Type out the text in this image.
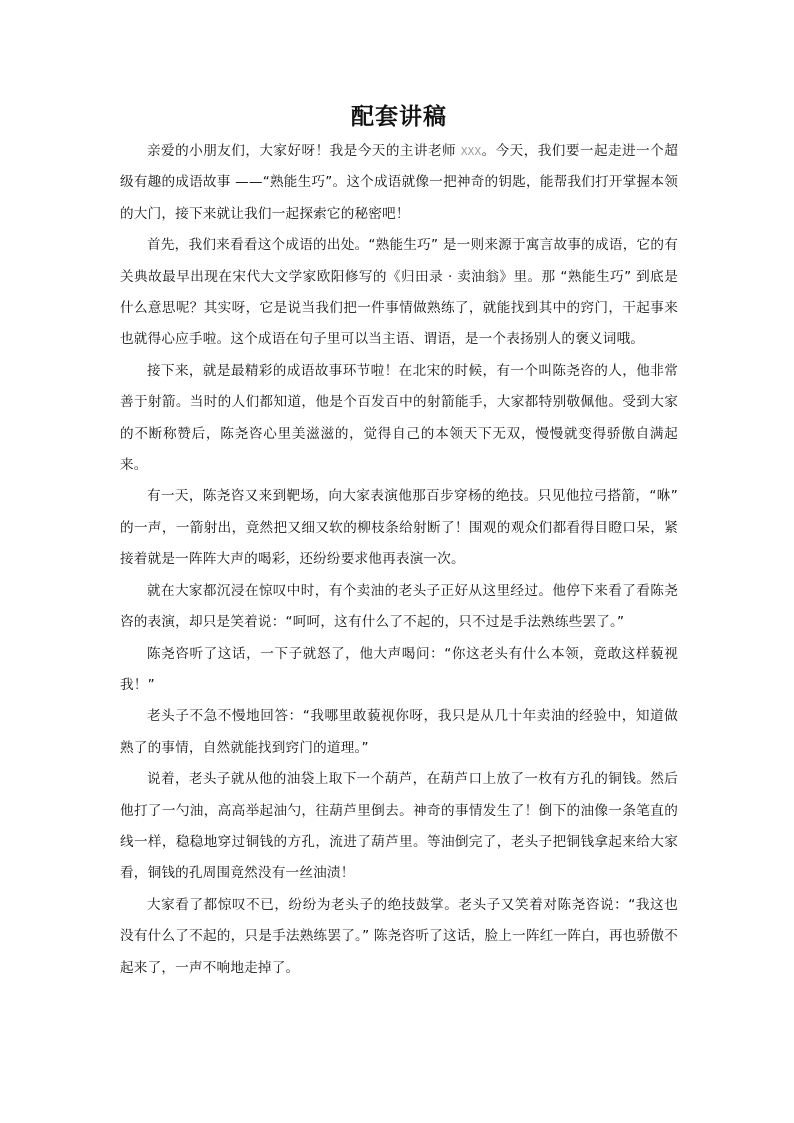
配套讲稿

亲爱的小朋友们，大家好呀！我是今天的主讲老师 XXX。今天，我们要一起走进一个超级有趣的成语故事 ——“熟能生巧”。这个成语就像一把神奇的钥匙，能帮我们打开掌握本领的大门，接下来就让我们一起探索它的秘密吧！

首先，我们来看看这个成语的出处。“熟能生巧” 是一则来源于寓言故事的成语，它的有关典故最早出现在宋代大文学家欧阳修写的《归田录 · 卖油翁》里。那 “熟能生巧” 到底是什么意思呢？其实呀，它是说当我们把一件事情做熟练了，就能找到其中的窍门，干起事来也就得心应手啦。这个成语在句子里可以当主语、谓语，是一个表扬别人的褒义词哦。

接下来，就是最精彩的成语故事环节啦！在北宋的时候，有一个叫陈尧咨的人，他非常善于射箭。当时的人们都知道，他是个百发百中的射箭能手，大家都特别敬佩他。受到大家的不断称赞后，陈尧咨心里美滋滋的，觉得自己的本领天下无双，慢慢就变得骄傲自满起来。

有一天，陈尧咨又来到靶场，向大家表演他那百步穿杨的绝技。只见他拉弓搭箭，“咻” 的一声，一箭射出，竟然把又细又软的柳枝条给射断了！围观的观众们都看得目瞪口呆，紧接着就是一阵阵大声的喝彩，还纷纷要求他再表演一次。

就在大家都沉浸在惊叹中时，有个卖油的老头子正好从这里经过。他停下来看了看陈尧咨的表演，却只是笑着说：“呵呵，这有什么了不起的，只不过是手法熟练些罢了。”

陈尧咨听了这话，一下子就怒了，他大声喝问：“你这老头有什么本领，竟敢这样藐视我！”

老头子不急不慢地回答：“我哪里敢藐视你呀，我只是从几十年卖油的经验中，知道做熟了的事情，自然就能找到窍门的道理。”

说着，老头子就从他的油袋上取下一个葫芦，在葫芦口上放了一枚有方孔的铜钱。然后他打了一勺油，高高举起油勺，往葫芦里倒去。神奇的事情发生了！倒下的油像一条笔直的线一样，稳稳地穿过铜钱的方孔，流进了葫芦里。等油倒完了，老头子把铜钱拿起来给大家看，铜钱的孔周围竟然没有一丝油渍！

大家看了都惊叹不已，纷纷为老头子的绝技鼓掌。老头子又笑着对陈尧咨说：“我这也没有什么了不起的，只是手法熟练罢了。” 陈尧咨听了这话，脸上一阵红一阵白，再也骄傲不起来了，一声不响地走掉了。
